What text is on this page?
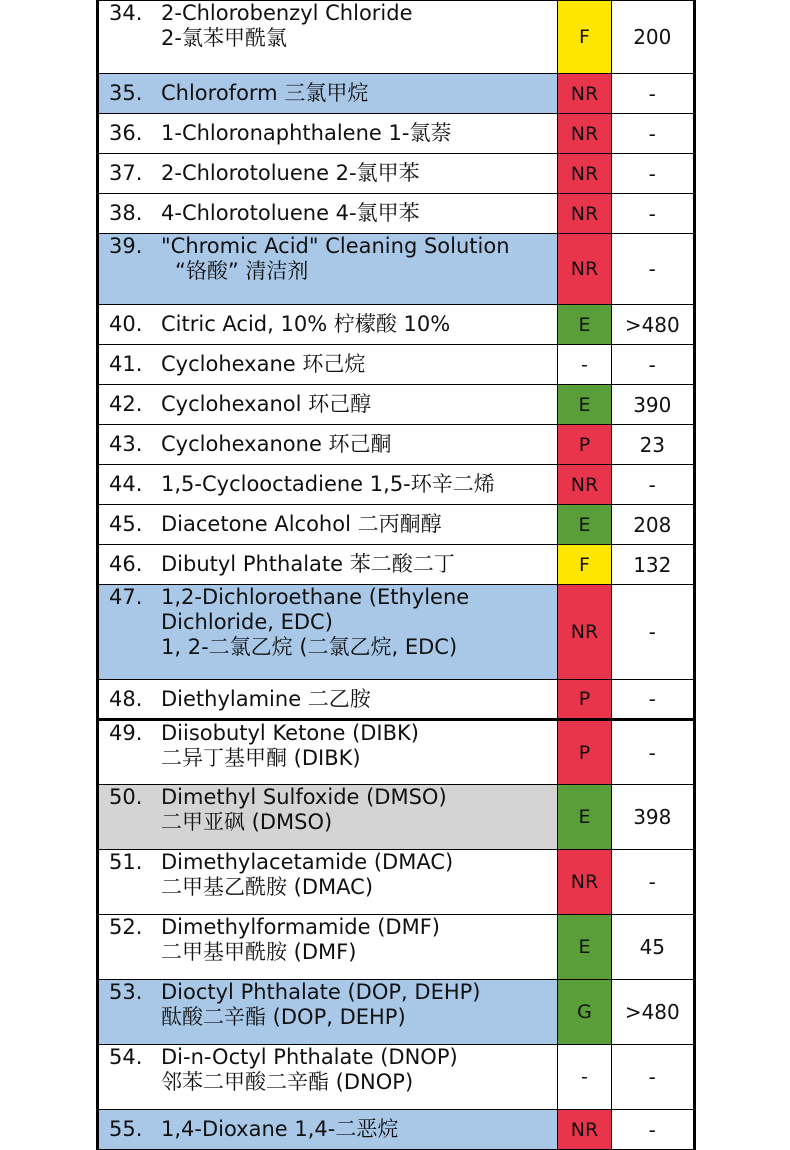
34. 2-Chlorobenzyl Chloride
2-氯苯甲酰氯	F	200
35. Chloroform 三氯甲烷	NR	-
36. 1-Chloronaphthalene 1-氯萘	NR	-
37. 2-Chlorotoluene 2-氯甲苯	NR	-
38. 4-Chlorotoluene 4-氯甲苯	NR	-
39. "Chromic Acid" Cleaning Solution
“铬酸” 清洁剂	NR	-
40. Citric Acid, 10% 柠檬酸 10%	E	>480
41. Cyclohexane 环己烷	-	-
42. Cyclohexanol 环己醇	E	390
43. Cyclohexanone 环己酮	P	23
44. 1,5-Cyclooctadiene 1,5-环辛二烯	NR	-
45. Diacetone Alcohol 二丙酮醇	E	208
46. Dibutyl Phthalate 苯二酸二丁	F	132
47. 1,2-Dichloroethane (Ethylene
Dichloride, EDC)
1, 2-二氯乙烷 (二氯乙烷, EDC)	NR	-
48. Diethylamine 二乙胺	P	-
49. Diisobutyl Ketone (DIBK)
二异丁基甲酮 (DIBK)	P	-
50. Dimethyl Sulfoxide (DMSO)
二甲亚砜 (DMSO)	E	398
51. Dimethylacetamide (DMAC)
二甲基乙酰胺 (DMAC)	NR	-
52. Dimethylformamide (DMF)
二甲基甲酰胺 (DMF)	E	45
53. Dioctyl Phthalate (DOP, DEHP)
酞酸二辛酯 (DOP, DEHP)	G	>480
54. Di-n-Octyl Phthalate (DNOP)
邻苯二甲酸二辛酯 (DNOP)	-	-
55. 1,4-Dioxane 1,4-二恶烷	NR	-
